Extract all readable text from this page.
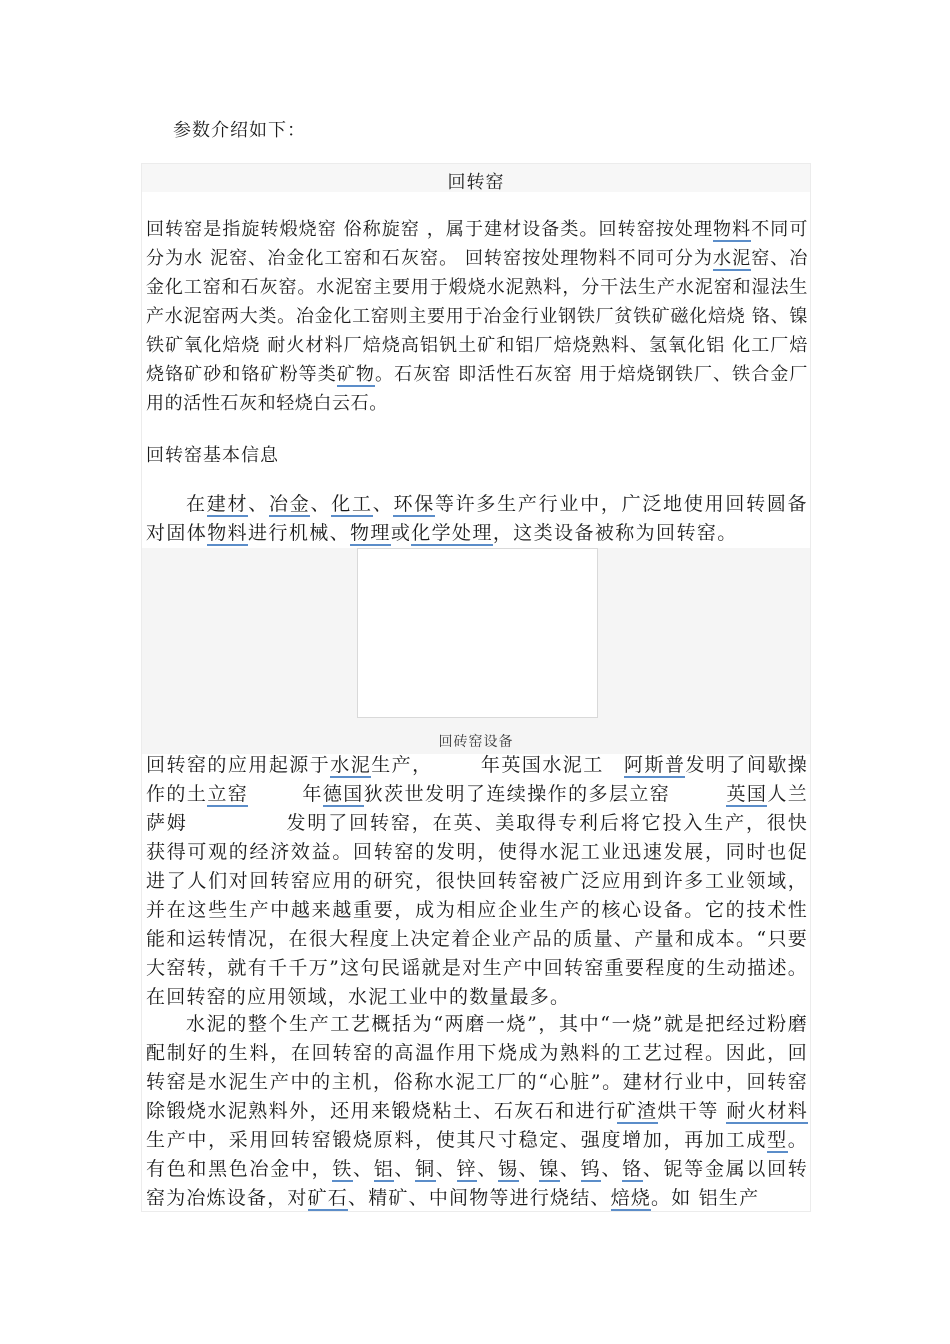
参数介绍如下：
回转窑

回转窑是指旋转煅烧窑 俗称旋窑 ，属于建材设备类。回转窑按处理物料不同可分为水 泥窑、冶金化工窑和石灰窑。 回转窑按处理物料不同可分为水泥窑、冶金化工窑和石灰窑。水泥窑主要用于煅烧水泥熟料，分干法生产水泥窑和湿法生产水泥窑两大类。冶金化工窑则主要用于冶金行业钢铁厂贫铁矿磁化焙烧 铬、镍铁矿氧化焙烧 耐火材料厂焙烧高铝钒土矿和铝厂焙烧熟料、氢氧化铝 化工厂焙烧铬矿砂和铬矿粉等类矿物。石灰窑 即活性石灰窑 用于焙烧钢铁厂、铁合金厂用的活性石灰和轻烧白云石。

回转窑基本信息

在建材、冶金、化工、环保等许多生产行业中，广泛地使用回转圆备对固体物料进行机械、物理或化学处理，这类设备被称为回转窑。

回砖窑设备

回转窑的应用起源于水泥生产，	年英国水泥工 阿斯普发明了间歇操作的土立窑	年德国狄茨世发明了连续操作的多层立窑	英国人兰萨姆	发明了回转窑，在英、美取得专利后将它投入生产，很快获得可观的经济效益。回转窑的发明，使得水泥工业迅速发展，同时也促进了人们对回转窑应用的研究，很快回转窑被广泛应用到许多工业领域，并在这些生产中越来越重要，成为相应企业生产的核心设备。它的技术性能和运转情况，在很大程度上决定着企业产品的质量、产量和成本。“只要大窑转，就有千千万”这句民谣就是对生产中回转窑重要程度的生动描述。在回转窑的应用领域，水泥工业中的数量最多。

水泥的整个生产工艺概括为“两磨一烧”，其中“一烧”就是把经过粉磨配制好的生料，在回转窑的高温作用下烧成为熟料的工艺过程。因此，回转窑是水泥生产中的主机，俗称水泥工厂的“心脏”。建材行业中，回转窑除锻烧水泥熟料外，还用来锻烧粘土、石灰石和进行矿渣烘干等 耐火材料生产中，采用回转窑锻烧原料，使其尺寸稳定、强度增加，再加工成型。有色和黑色冶金中，铁、铝、铜、锌、锡、镍、钨、铬、铌等金属以回转窑为冶炼设备，对矿石、精矿、中间物等进行烧结、焙烧。如 铝生产
